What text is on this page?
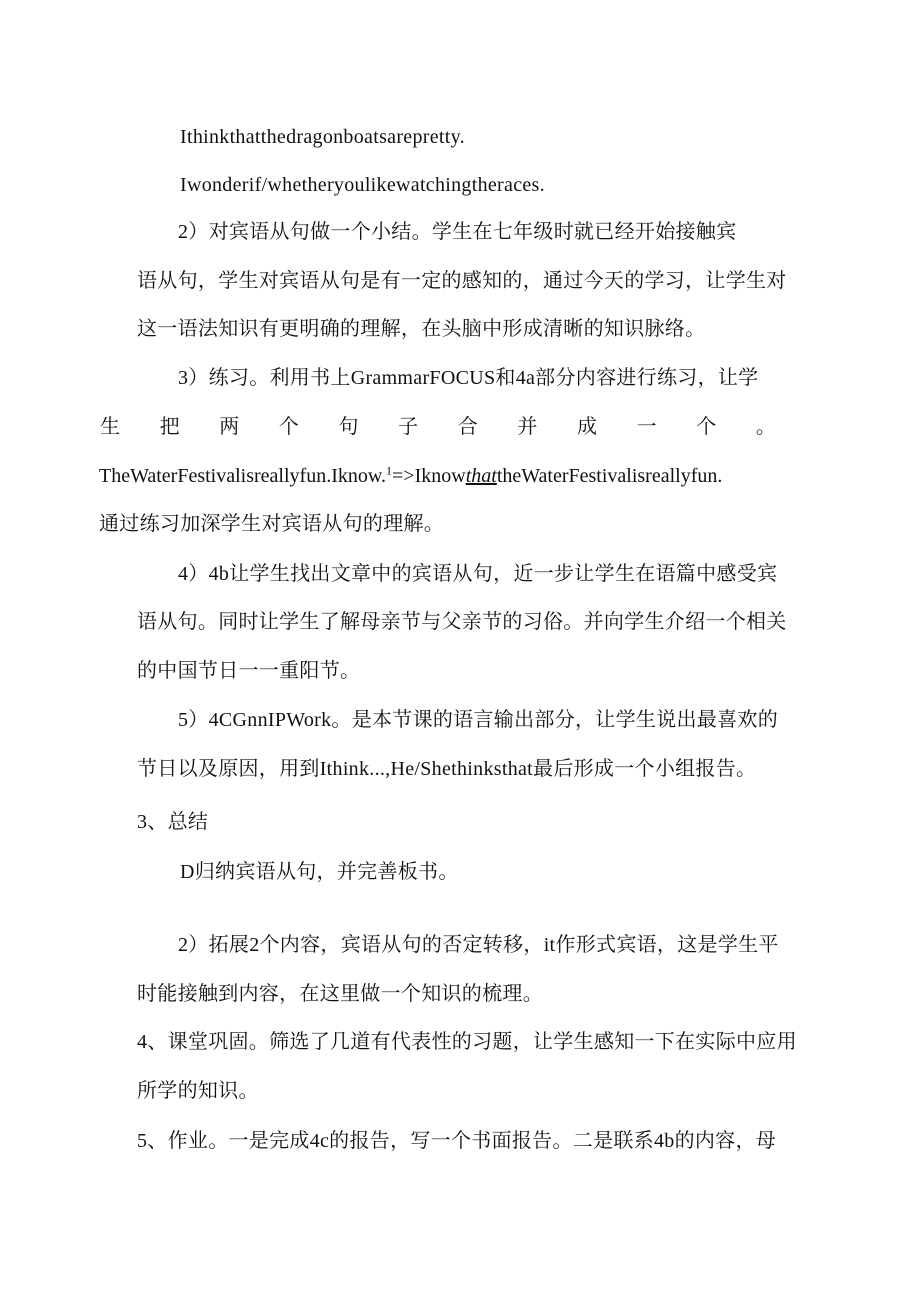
Ithinkthatthedragonboatsarepretty.
Iwonderif/whetheryoulikewatchingtheraces.
2）对宾语从句做一个小结。学生在七年级时就已经开始接触宾
语从句，学生对宾语从句是有一定的感知的，通过今天的学习，让学生对
这一语法知识有更明确的理解，在头脑中形成清晰的知识脉络。
3）练习。利用书上GrammarFOCUS和4a部分内容进行练习，让学
生 把 两 个 句 子 合 并 成 一 个 。
TheWaterFestivalisreallyfun.Iknow.$^1$=>IknowthattheWaterFestivalisreallyfun.
通过练习加深学生对宾语从句的理解。
4）4b让学生找出文章中的宾语从句，近一步让学生在语篇中感受宾
语从句。同时让学生了解母亲节与父亲节的习俗。并向学生介绍一个相关
的中国节日一一重阳节。
5）4CGnnIPWork。是本节课的语言输出部分，让学生说出最喜欢的
节日以及原因，用到Ithink...,He/Shethinksthat最后形成一个小组报告。
3、总结
D归纳宾语从句，并完善板书。
2）拓展2个内容，宾语从句的否定转移，it作形式宾语，这是学生平
时能接触到内容，在这里做一个知识的梳理。
4、课堂巩固。筛选了几道有代表性的习题，让学生感知一下在实际中应用
所学的知识。
5、作业。一是完成4c的报告，写一个书面报告。二是联系4b的内容，母
